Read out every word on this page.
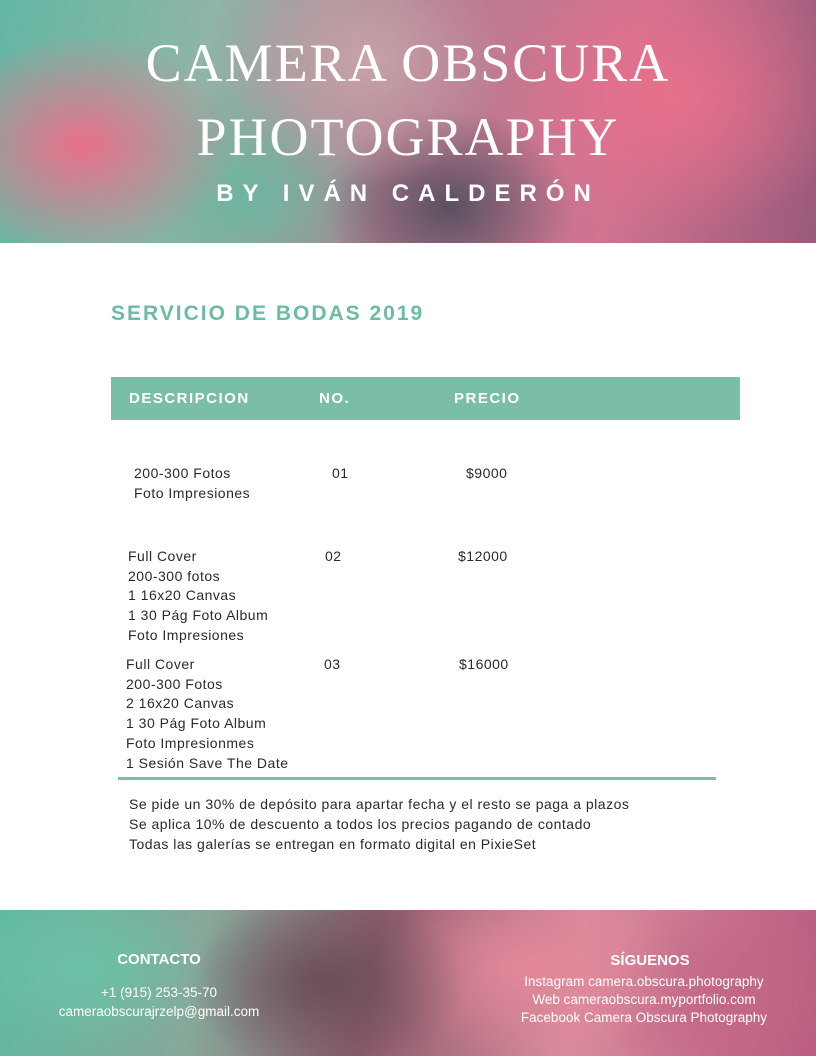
CAMERA OBSCURA
PHOTOGRAPHY
BY IVÁN CALDERÓN
SERVICIO DE BODAS 2019
DESCRIPCION	NO.	PRECIO
200-300 Fotos
Foto Impresiones
01	$9000
Full Cover
200-300 fotos
1 16x20 Canvas
1 30 Pág Foto Album
Foto Impresiones
02	$12000
Full Cover
200-300 Fotos
2 16x20 Canvas
1 30 Pág Foto Album
Foto Impresionmes
1 Sesión Save The Date
03	$16000
Se pide un 30% de depósito para apartar fecha y el resto se paga a plazos
Se aplica 10% de descuento a todos los precios pagando de contado
Todas las galerías se entregan en formato digital en PixieSet
CONTACTO
+1 (915) 253-35-70
cameraobscurajrzelp@gmail.com
SÍGUENOS
Instagram camera.obscura.photography
Web cameraobscura.myportfolio.com
Facebook Camera Obscura Photography
